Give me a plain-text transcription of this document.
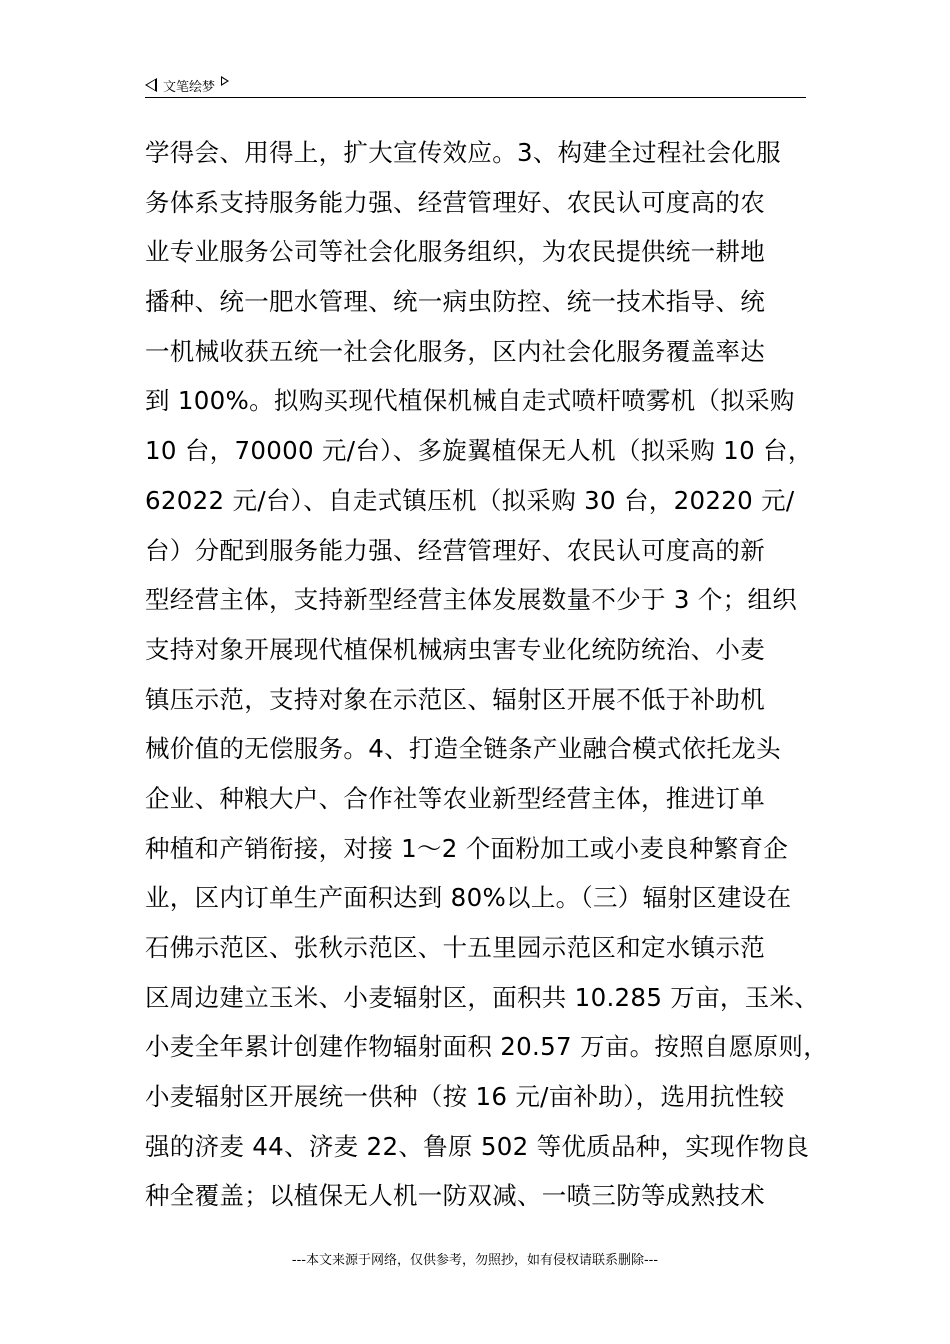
文笔绘梦
学得会、用得上，扩大宣传效应。3、构建全过程社会化服
务体系支持服务能力强、经营管理好、农民认可度高的农
业专业服务公司等社会化服务组织，为农民提供统一耕地
播种、统一肥水管理、统一病虫防控、统一技术指导、统
一机械收获五统一社会化服务，区内社会化服务覆盖率达
到 100%。拟购买现代植保机械自走式喷杆喷雾机（拟采购
10 台，70000 元/台）、多旋翼植保无人机（拟采购 10 台，
62022 元/台）、自走式镇压机（拟采购 30 台，20220 元/
台）分配到服务能力强、经营管理好、农民认可度高的新
型经营主体，支持新型经营主体发展数量不少于 3 个；组织
支持对象开展现代植保机械病虫害专业化统防统治、小麦
镇压示范，支持对象在示范区、辐射区开展不低于补助机
械价值的无偿服务。4、打造全链条产业融合模式依托龙头
企业、种粮大户、合作社等农业新型经营主体，推进订单
种植和产销衔接，对接 1～2 个面粉加工或小麦良种繁育企
业，区内订单生产面积达到 80%以上。（三）辐射区建设在
石佛示范区、张秋示范区、十五里园示范区和定水镇示范
区周边建立玉米、小麦辐射区，面积共 10.285 万亩，玉米、
小麦全年累计创建作物辐射面积 20.57 万亩。按照自愿原则，
小麦辐射区开展统一供种（按 16 元/亩补助），选用抗性较
强的济麦 44、济麦 22、鲁原 502 等优质品种，实现作物良
种全覆盖；以植保无人机一防双减、一喷三防等成熟技术
---本文来源于网络，仅供参考，勿照抄，如有侵权请联系删除---
